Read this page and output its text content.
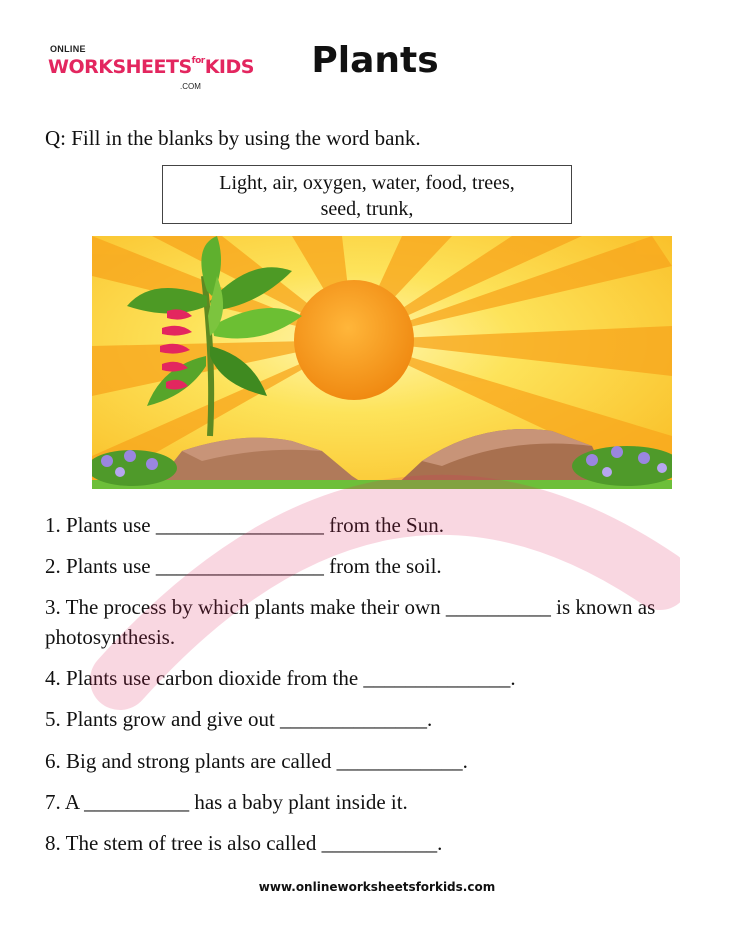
ONLINE
$WORKSHEETS^{for}KIDS$
.COM
Plants

Q: Fill in the blanks by using the word bank.

Light, air, oxygen, water, food, trees,
seed, trunk,
1. Plants use ________________ from the Sun.
2. Plants use ________________ from the soil.
3. The process by which plants make their own __________ is known as photosynthesis.
4. Plants use carbon dioxide from the ______________.
5. Plants grow and give out ______________.
6. Big and strong plants are called ____________.
7. A __________ has a baby plant inside it.
8. The stem of tree is also called ___________.
www.onlineworksheetsforkids.com
